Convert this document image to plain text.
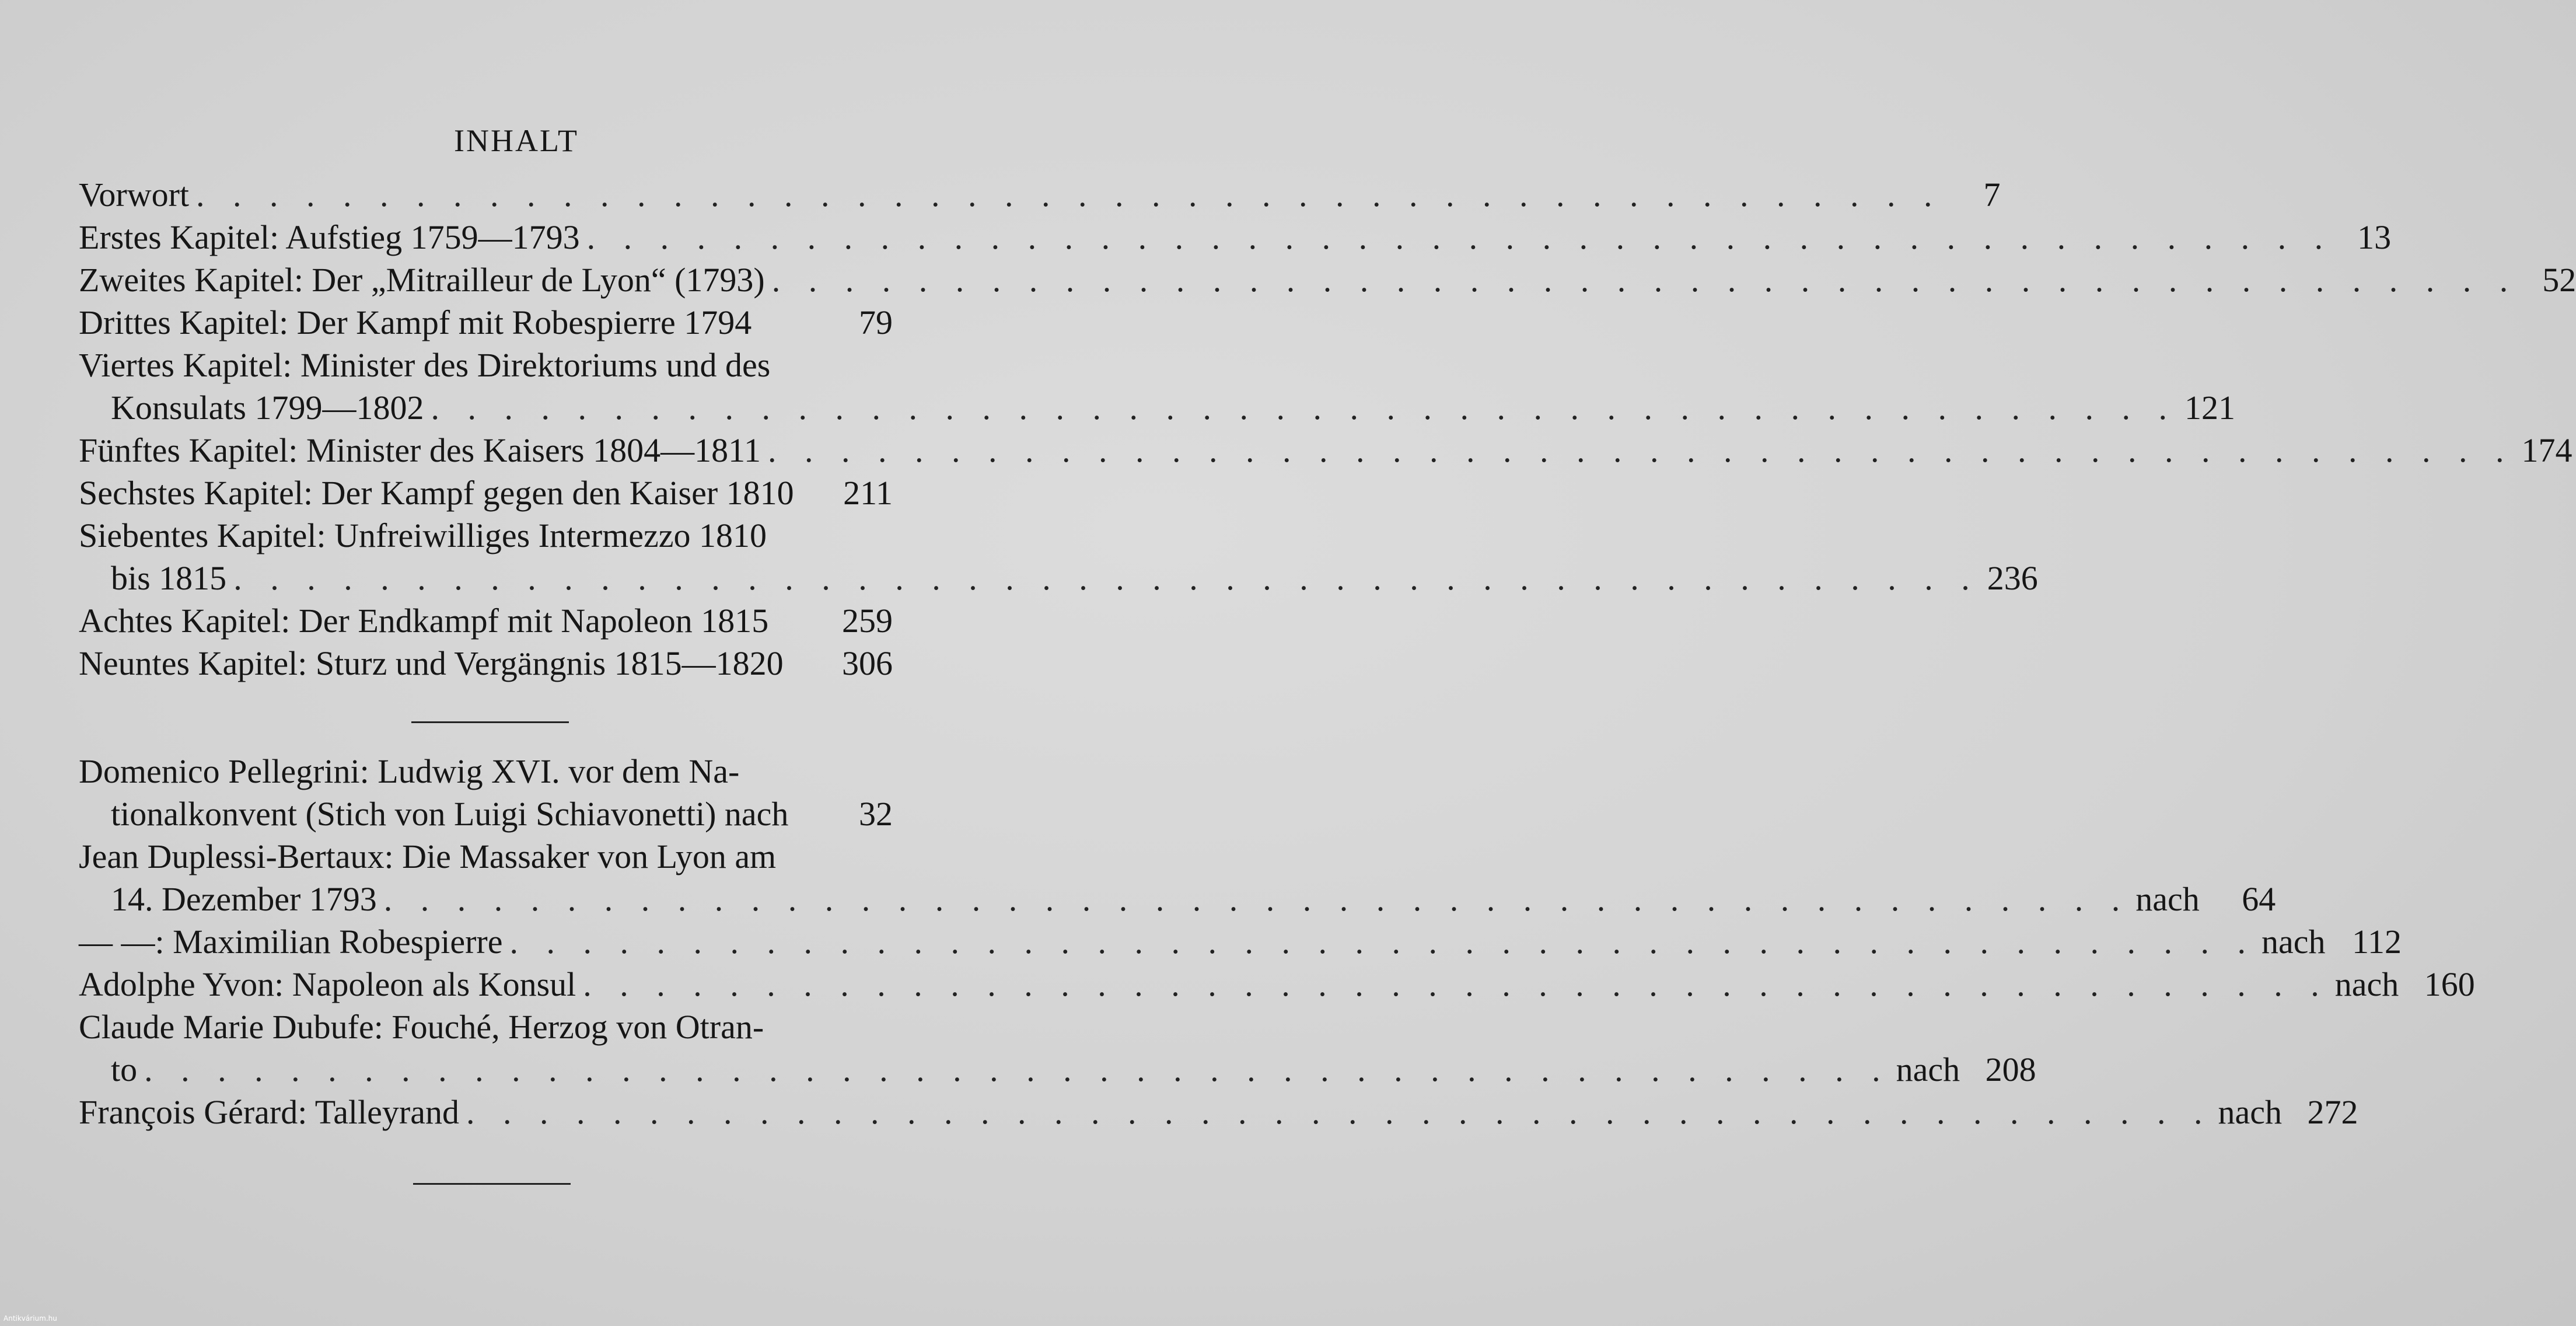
INHALT
Vorwort . . .	7
Erstes Kapitel: Aufstieg 1759—1793 . . .	13
Zweites Kapitel: Der „Mitrailleur de Lyon“ (1793) . . .	52
Drittes Kapitel: Der Kampf mit Robespierre 1794	79
Viertes Kapitel: Minister des Direktoriums und des
Konsulats 1799—1802 . . .	121
Fünftes Kapitel: Minister des Kaisers 1804—1811 . . .	174
Sechstes Kapitel: Der Kampf gegen den Kaiser 1810 211
Siebentes Kapitel: Unfreiwilliges Intermezzo 1810
bis 1815 . . .	236
Achtes Kapitel: Der Endkampf mit Napoleon 1815 259
Neuntes Kapitel: Sturz und Vergängnis 1815—1820 306
Domenico Pellegrini: Ludwig XVI. vor dem Na-
tionalkonvent (Stich von Luigi Schiavonetti) nach	32
Jean Duplessi-Bertaux: Die Massaker von Lyon am
14. Dezember 1793 . . .	nach	64
— —: Maximilian Robespierre . . .	nach 112
Adolphe Yvon: Napoleon als Konsul . . .	nach 160
Claude Marie Dubufe: Fouché, Herzog von Otran-
to . . .	nach 208
François Gérard: Talleyrand . . .	nach 272
Antikvárium.hu
